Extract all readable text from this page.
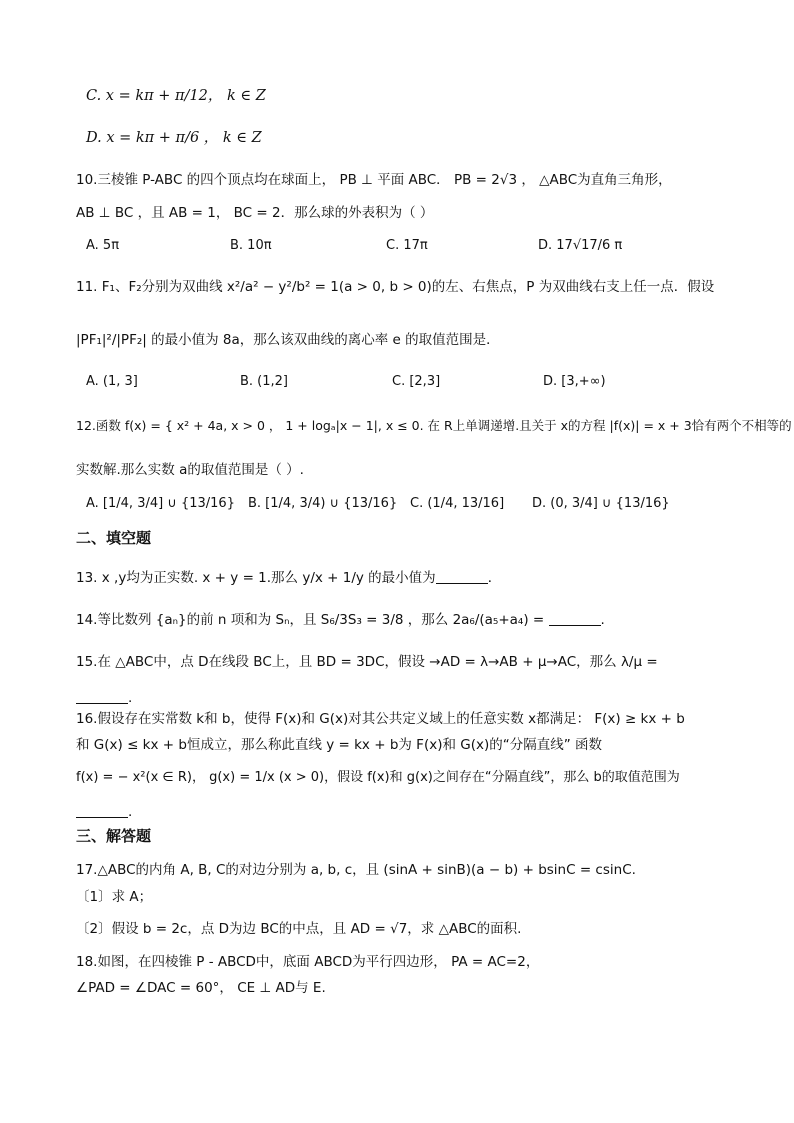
C. x = kπ + π/12， k ∈ Z
D. x = kπ + π/6 ， k ∈ Z
10.三棱锥 P-ABC 的四个顶点均在球面上， PB ⊥ 平面 ABC． PB = 2√3 ， △ABC为直角三角形，
AB ⊥ BC ，且 AB = 1， BC = 2．那么球的外表积为（ ）
A. 5π	B. 10π	C. 17π	D. 17√17/6 π
11. F₁、F₂分别为双曲线 x²/a² − y²/b² = 1(a > 0, b > 0)的左、右焦点，P 为双曲线右支上任一点．假设
|PF₁|²/|PF₂| 的最小值为 8a，那么该双曲线的离心率 e 的取值范围是．
A. (1, 3]	B. (1,2]	C. [2,3]	D. [3,+∞)
12.函数 f(x) = { x² + 4a, x > 0 ， 1 + logₐ|x − 1|, x ≤ 0. 在 R上单调递增.且关于 x的方程 |f(x)| = x + 3恰有两个不相等的
实数解.那么实数 a的取值范围是（ ）.
A. [1/4, 3/4] ∪ {13/16} B. [1/4, 3/4) ∪ {13/16} C. (1/4, 13/16] D. (0, 3/4] ∪ {13/16}
二、填空题
13. x ,y均为正实数. x + y = 1.那么 y/x + 1/y 的最小值为	．
14.等比数列 {aₙ}的前 n 项和为 Sₙ，且 S₆/3S₃ = 3/8 ，那么 2a₆/(a₅+a₄) =	.
15.在 △ABC中，点 D在线段 BC上，且 BD = 3DC，假设 →AD = λ→AB + μ→AC，那么 λ/μ =
.
16.假设存在实常数 k和 b，使得 F(x)和 G(x)对其公共定义域上的任意实数 x都满足： F(x) ≥ kx + b
和 G(x) ≤ kx + b恒成立，那么称此直线 y = kx + b为 F(x)和 G(x)的“分隔直线” 函数
f(x) = − x²(x ∈ R)， g(x) = 1/x (x > 0)，假设 f(x)和 g(x)之间存在“分隔直线”，那么 b的取值范围为
.
三、解答题
17.△ABC的内角 A, B, C的对边分别为 a, b, c，且 (sinA + sinB)(a − b) + bsinC = csinC.
〔1〕求 A；
〔2〕假设 b = 2c，点 D为边 BC的中点，且 AD = √7，求 △ABC的面积.
18.如图，在四棱锥 P - ABCD中，底面 ABCD为平行四边形， PA = AC=2，
∠PAD = ∠DAC = 60°， CE ⊥ AD与 E.
